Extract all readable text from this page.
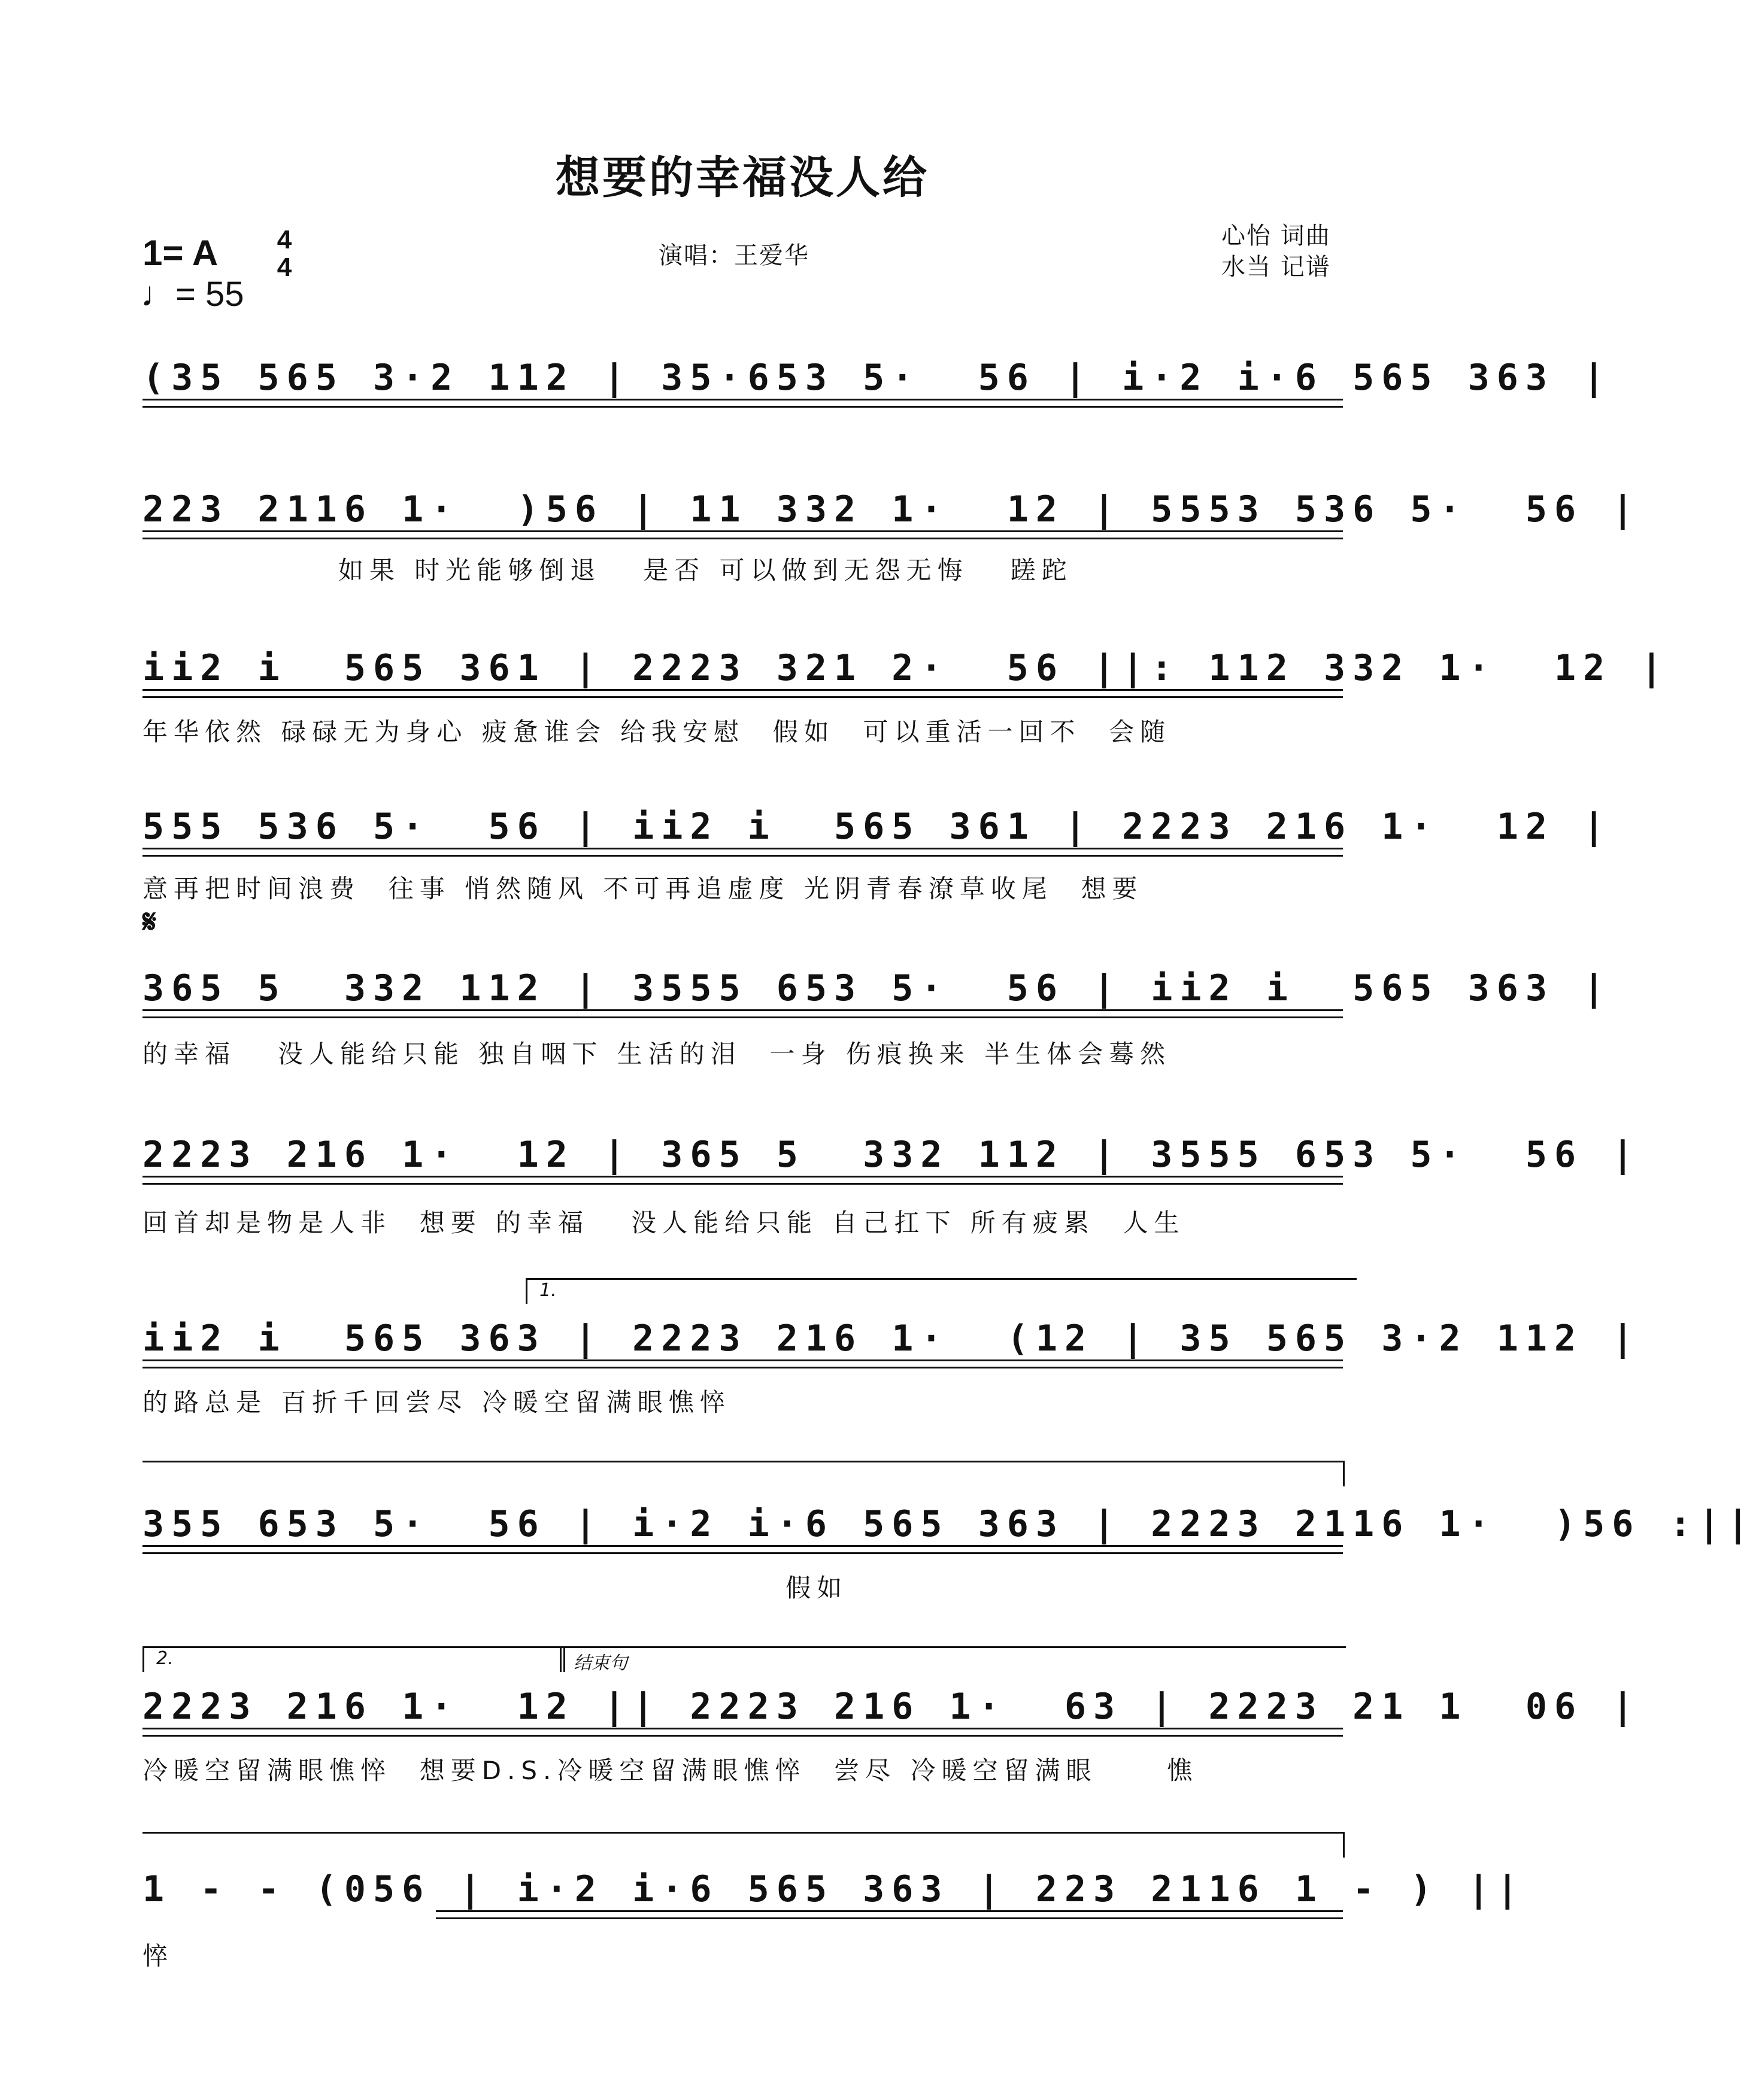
想要的幸福没人给
1= A	4
4
♩= 55
演唱：王爱华
心怡 词曲
水当 记谱
𝄋
(35 565 3·2 112 | 35·653 5·  56 | i·2 i·6 565 363 |
223 2116 1·  )56 | 11 332 1·  12 | 5553 536 5·  56 |
如果 时光能够倒退   是否 可以做到无怨无悔   蹉跎
ii2 i  565 361 | 2223 321 2·  56 ||: 112 332 1·  12 |
年华依然 碌碌无为身心 疲惫谁会 给我安慰  假如  可以重活一回不  会随
555 536 5·  56 | ii2 i  565 361 | 2223 216 1·  12 |
意再把时间浪费  往事 悄然随风 不可再追虚度 光阴青春潦草收尾  想要
365 5  332 112 | 3555 653 5·  56 | ii2 i  565 363 |
的幸福   没人能给只能 独自咽下 生活的泪  一身 伤痕换来 半生体会蓦然
2223 216 1·  12 | 365 5  332 112 | 3555 653 5·  56 |
回首却是物是人非  想要 的幸福   没人能给只能 自己扛下 所有疲累  人生
1.
ii2 i  565 363 | 2223 216 1·  (12 | 35 565 3·2 112 |
的路总是 百折千回尝尽 冷暖空留满眼憔悴
355 653 5·  56 | i·2 i·6 565 363 | 2223 2116 1·  )56 :||
假如
2.	结束句
2223 216 1·  12 || 2223 216 1·  63 | 2223 21 1  06 |
冷暖空留满眼憔悴  想要D.S.冷暖空留满眼憔悴  尝尽 冷暖空留满眼     憔
1 - - (056 | i·2 i·6 565 363 | 223 2116 1 - ) ||
悴
